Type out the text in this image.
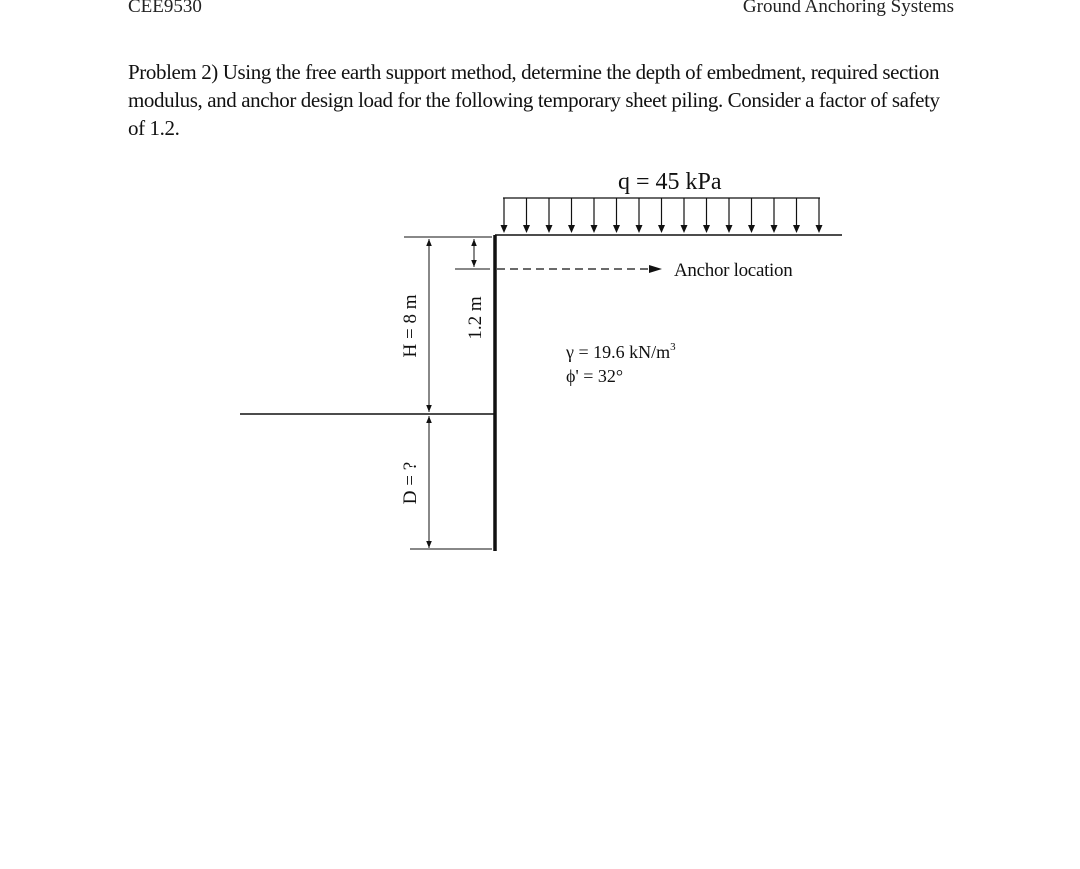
CEE9530	Ground Anchoring Systems
Problem 2) Using the free earth support method, determine the depth of embedment, required section modulus, and anchor design load for the following temporary sheet piling. Consider a factor of safety of 1.2.
Anchor location
H = 8 m
D = ?
1.2 m
q = 45 kPa
γ = 19.6 $kN/m^3$
ϕ' = 32°
